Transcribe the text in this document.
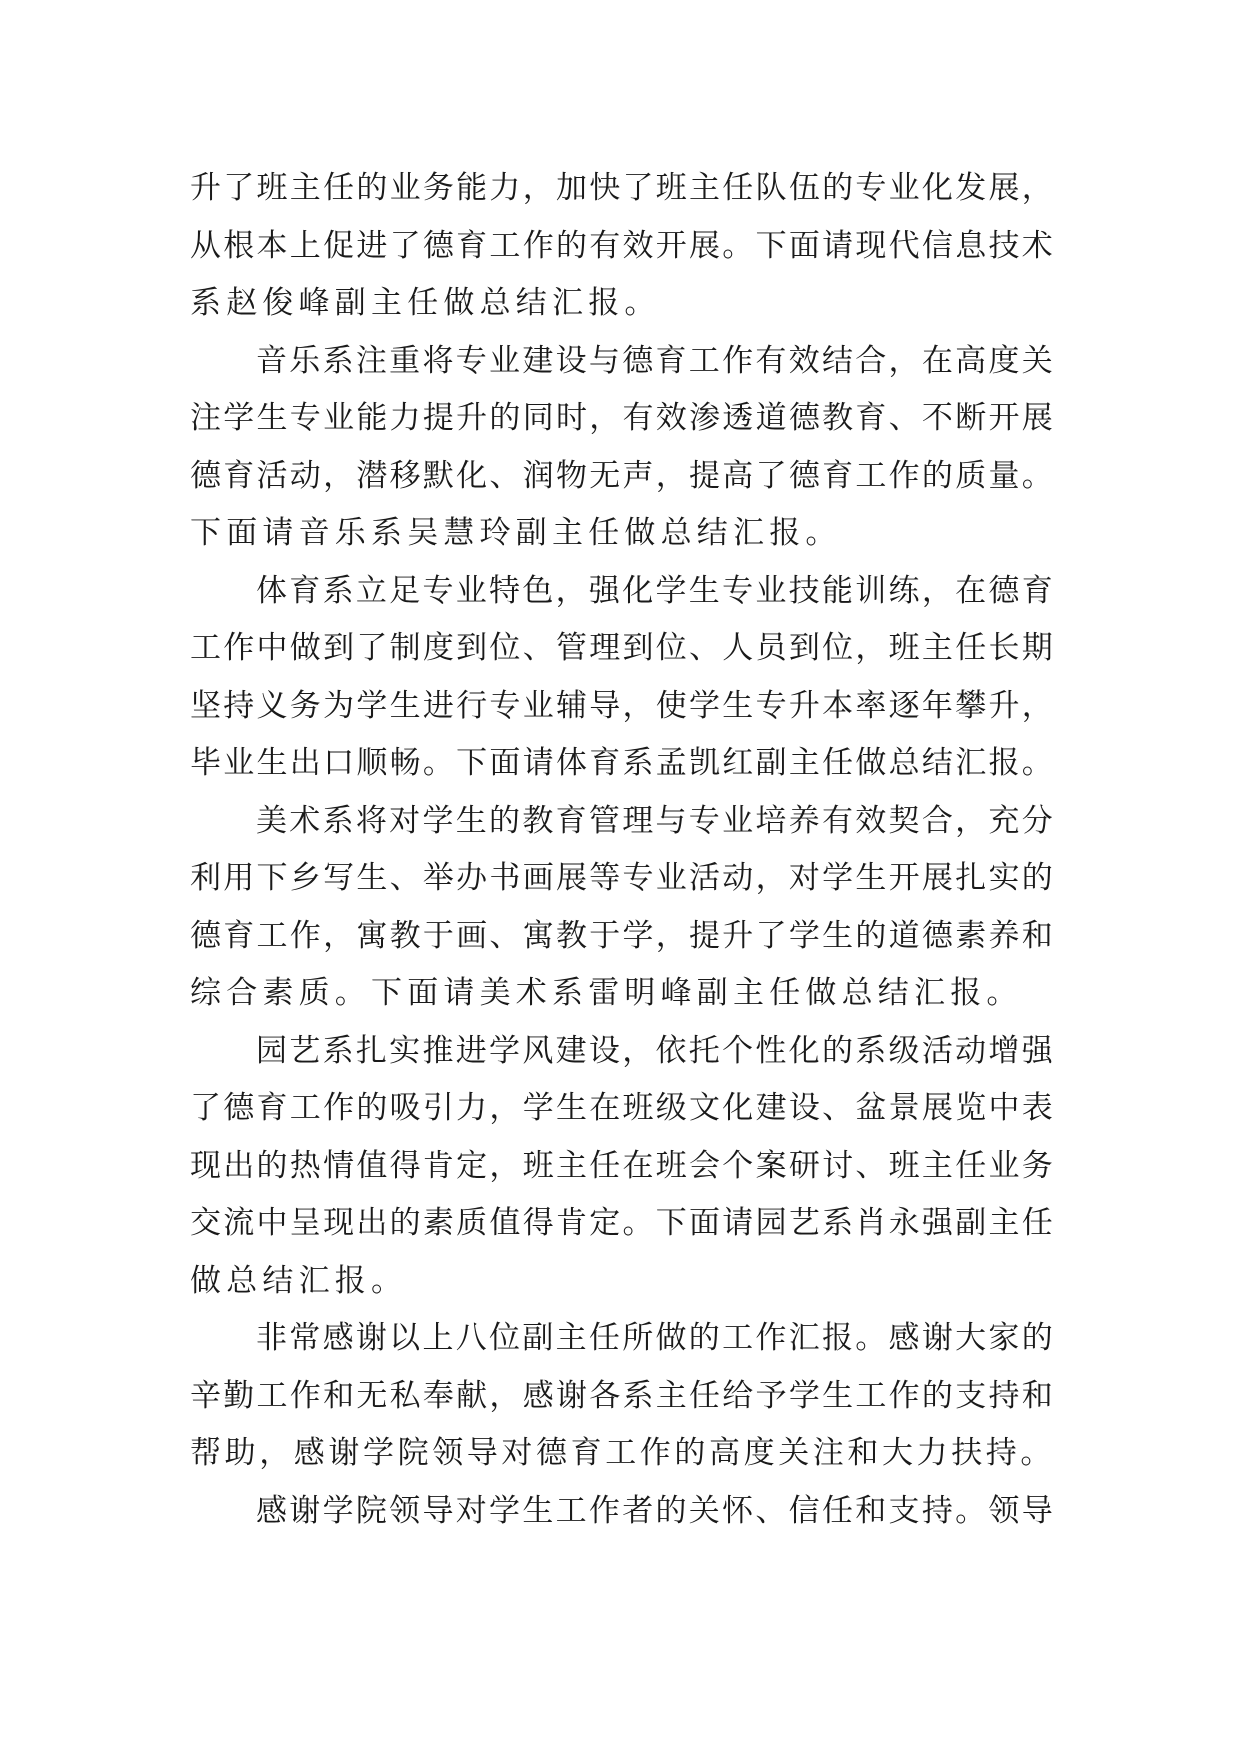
升了班主任的业务能力，加快了班主任队伍的专业化发展，
从根本上促进了德育工作的有效开展。下面请现代信息技术
系赵俊峰副主任做总结汇报。
音乐系注重将专业建设与德育工作有效结合，在高度关
注学生专业能力提升的同时，有效渗透道德教育、不断开展
德育活动，潜移默化、润物无声，提高了德育工作的质量。
下面请音乐系吴慧玲副主任做总结汇报。
体育系立足专业特色，强化学生专业技能训练，在德育
工作中做到了制度到位、管理到位、人员到位，班主任长期
坚持义务为学生进行专业辅导，使学生专升本率逐年攀升，
毕业生出口顺畅。下面请体育系孟凯红副主任做总结汇报。
美术系将对学生的教育管理与专业培养有效契合，充分
利用下乡写生、举办书画展等专业活动，对学生开展扎实的
德育工作，寓教于画、寓教于学，提升了学生的道德素养和
综合素质。下面请美术系雷明峰副主任做总结汇报。
园艺系扎实推进学风建设，依托个性化的系级活动增强
了德育工作的吸引力，学生在班级文化建设、盆景展览中表
现出的热情值得肯定，班主任在班会个案研讨、班主任业务
交流中呈现出的素质值得肯定。下面请园艺系肖永强副主任
做总结汇报。
非常感谢以上八位副主任所做的工作汇报。感谢大家的
辛勤工作和无私奉献，感谢各系主任给予学生工作的支持和
帮助，感谢学院领导对德育工作的高度关注和大力扶持。
感谢学院领导对学生工作者的关怀、信任和支持。领导
